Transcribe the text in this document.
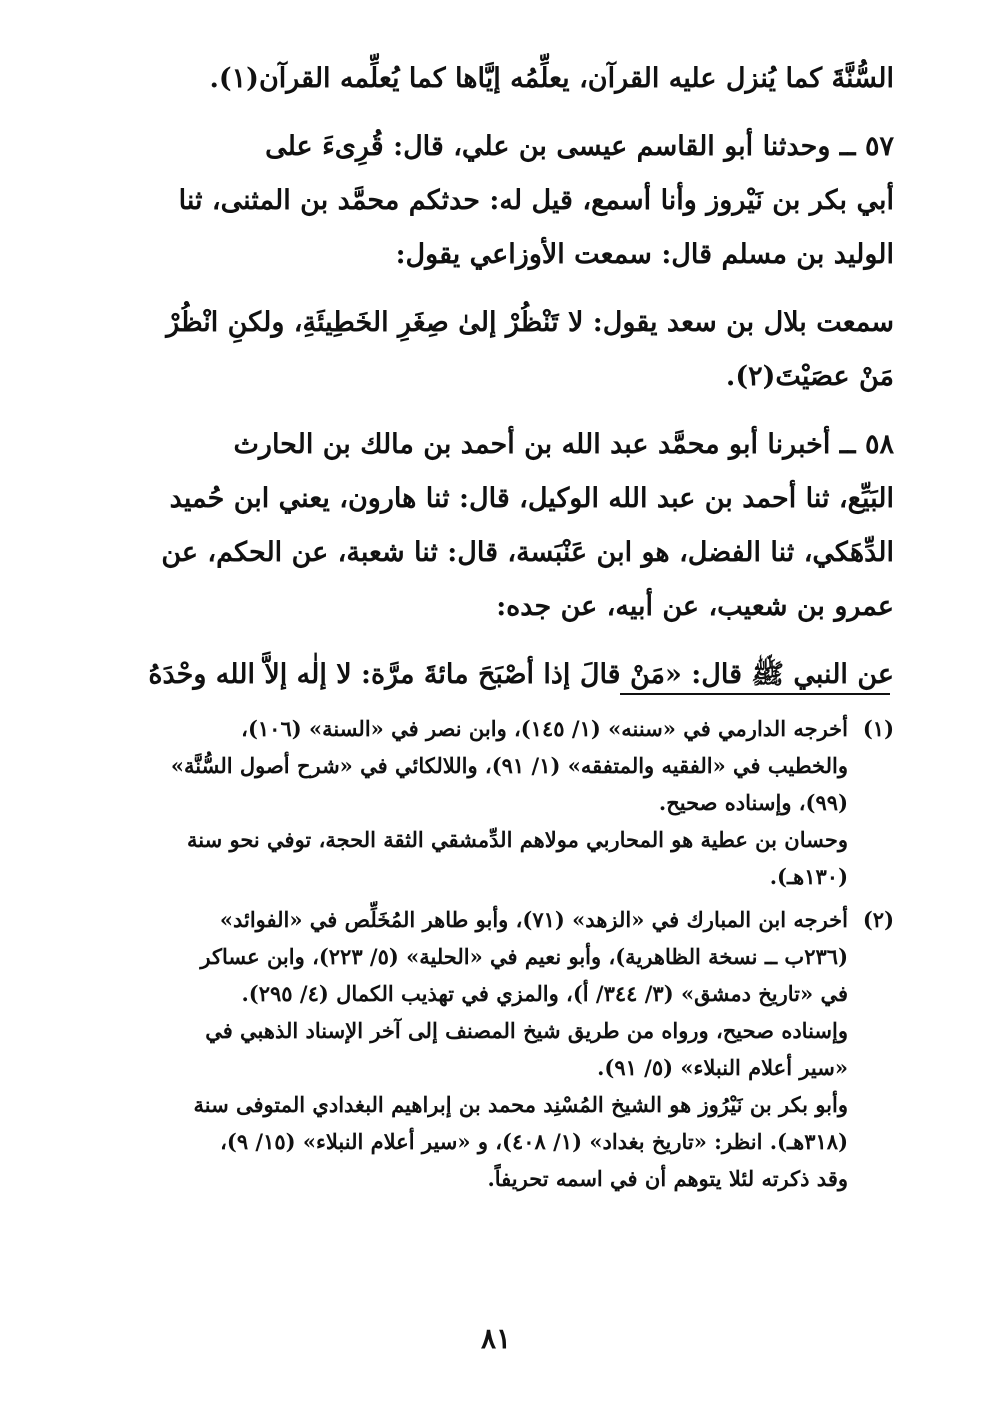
السُّنَّةَ كما يُنزل عليه القرآن، يعلِّمُه إيَّاها كما يُعلِّمه القرآن(١).
٥٧ ــ وحدثنا أبو القاسم عيسى بن علي، قال: قُرِىءَ على
أبي بكر بن نَيْروز وأنا أسمع، قيل له: حدثكم محمَّد بن المثنى، ثنا
الوليد بن مسلم قال: سمعت الأوزاعي يقول:
سمعت بلال بن سعد يقول: لا تَنْظُرْ إلىٰ صِغَرِ الخَطِيئَةِ، ولكنِ انْظُرْ
مَنْ عصَيْتَ(٢).
٥٨ ــ أخبرنا أبو محمَّد عبد الله بن أحمد بن مالك بن الحارث
البَيِّع، ثنا أحمد بن عبد الله الوكيل، قال: ثنا هارون، يعني ابن حُميد
الدِّهَكي، ثنا الفضل، هو ابن عَنْبَسة، قال: ثنا شعبة، عن الحكم، عن
عمرو بن شعيب، عن أبيه، عن جده:
عن النبي ﷺ قال: «مَنْ قالَ إذا أصْبَحَ مائةَ مرَّة: لا إلٰه إلاَّ الله وحْدَهُ
(١)
أخرجه الدارمي في «سننه» (١/ ١٤٥)، وابن نصر في «السنة» (١٠٦)،
والخطيب في «الفقيه والمتفقه» (١/ ٩١)، واللالكائي في «شرح أصول السُّنَّة»
(٩٩)، وإسناده صحيح.
وحسان بن عطية هو المحاربي مولاهم الدِّمشقي الثقة الحجة، توفي نحو سنة
(١٣٠هـ).
(٢)
أخرجه ابن المبارك في «الزهد» (٧١)، وأبو طاهر المُخَلِّص في «الفوائد»
(٢٣٦ب ــ نسخة الظاهرية)، وأبو نعيم في «الحلية» (٥/ ٢٢٣)، وابن عساكر
في «تاريخ دمشق» (٣/ ٣٤٤/ أ)، والمزي في تهذيب الكمال (٤/ ٢٩٥).
وإسناده صحيح، ورواه من طريق شيخ المصنف إلى آخر الإسناد الذهبي في
«سير أعلام النبلاء» (٥/ ٩١).
وأبو بكر بن نَيْرُوز هو الشيخ المُسْنِد محمد بن إبراهيم البغدادي المتوفى سنة
(٣١٨هـ). انظر: «تاريخ بغداد» (١/ ٤٠٨)، و «سير أعلام النبلاء» (١٥/ ٩)،
وقد ذكرته لئلا يتوهم أن في اسمه تحريفاً.
٨١
